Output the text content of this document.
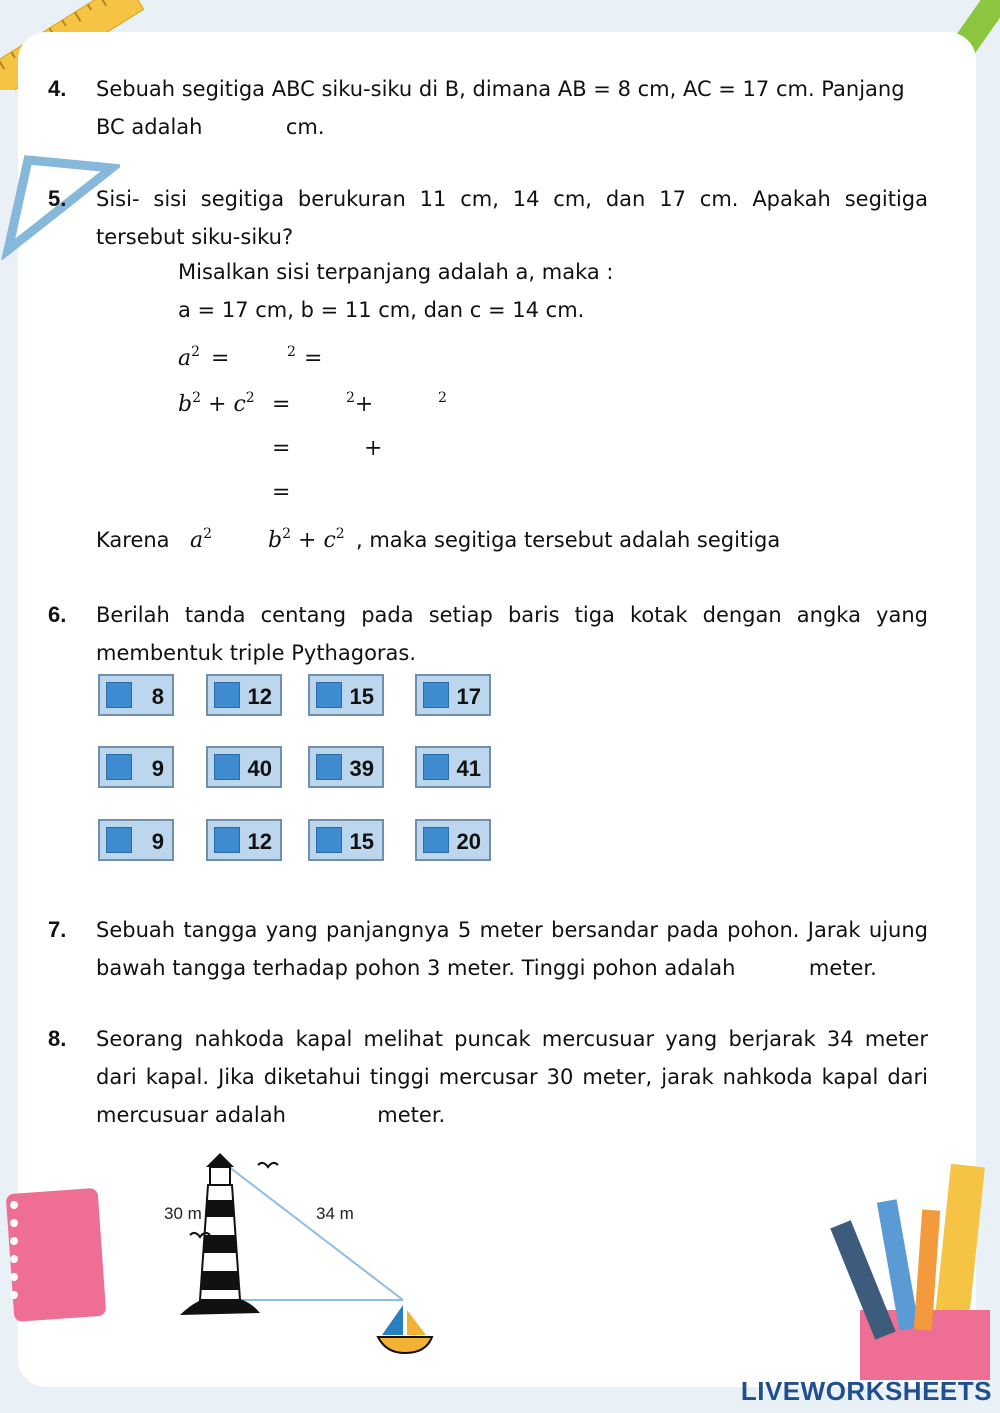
4. Sebuah segitiga ABC siku-siku di B, dimana AB = 8 cm, AC = 17 cm. Panjang
BC adalah	cm.
5. Sisi- sisi segitiga berukuran 11 cm, 14 cm, dan 17 cm. Apakah segitiga tersebut siku-siku?
Misalkan sisi terpanjang adalah a, maka :
a = 17 cm, b = 11 cm, dan c = 14 cm.
$a^2$ =	$^2$ =
$b^2 + c^2$ =	$^2$+	$^2$
=	+
=
Karena $a^2$	$b^2 + c^2$ , maka segitiga tersebut adalah segitiga
6. Berilah tanda centang pada setiap baris tiga kotak dengan angka yang membentuk triple Pythagoras.
8	12	15	17
9	40	39	41
9	12	15	20
7. Sebuah tangga yang panjangnya 5 meter bersandar pada pohon. Jarak ujung bawah tangga terhadap pohon 3 meter. Tinggi pohon adalah	meter.
8. Seorang nahkoda kapal melihat puncak mercusuar yang berjarak 34 meter dari kapal. Jika diketahui tinggi mercusar 30 meter, jarak nahkoda kapal dari mercusuar adalah	meter.
30 m	34 m
LIVEWORKSHEETS
